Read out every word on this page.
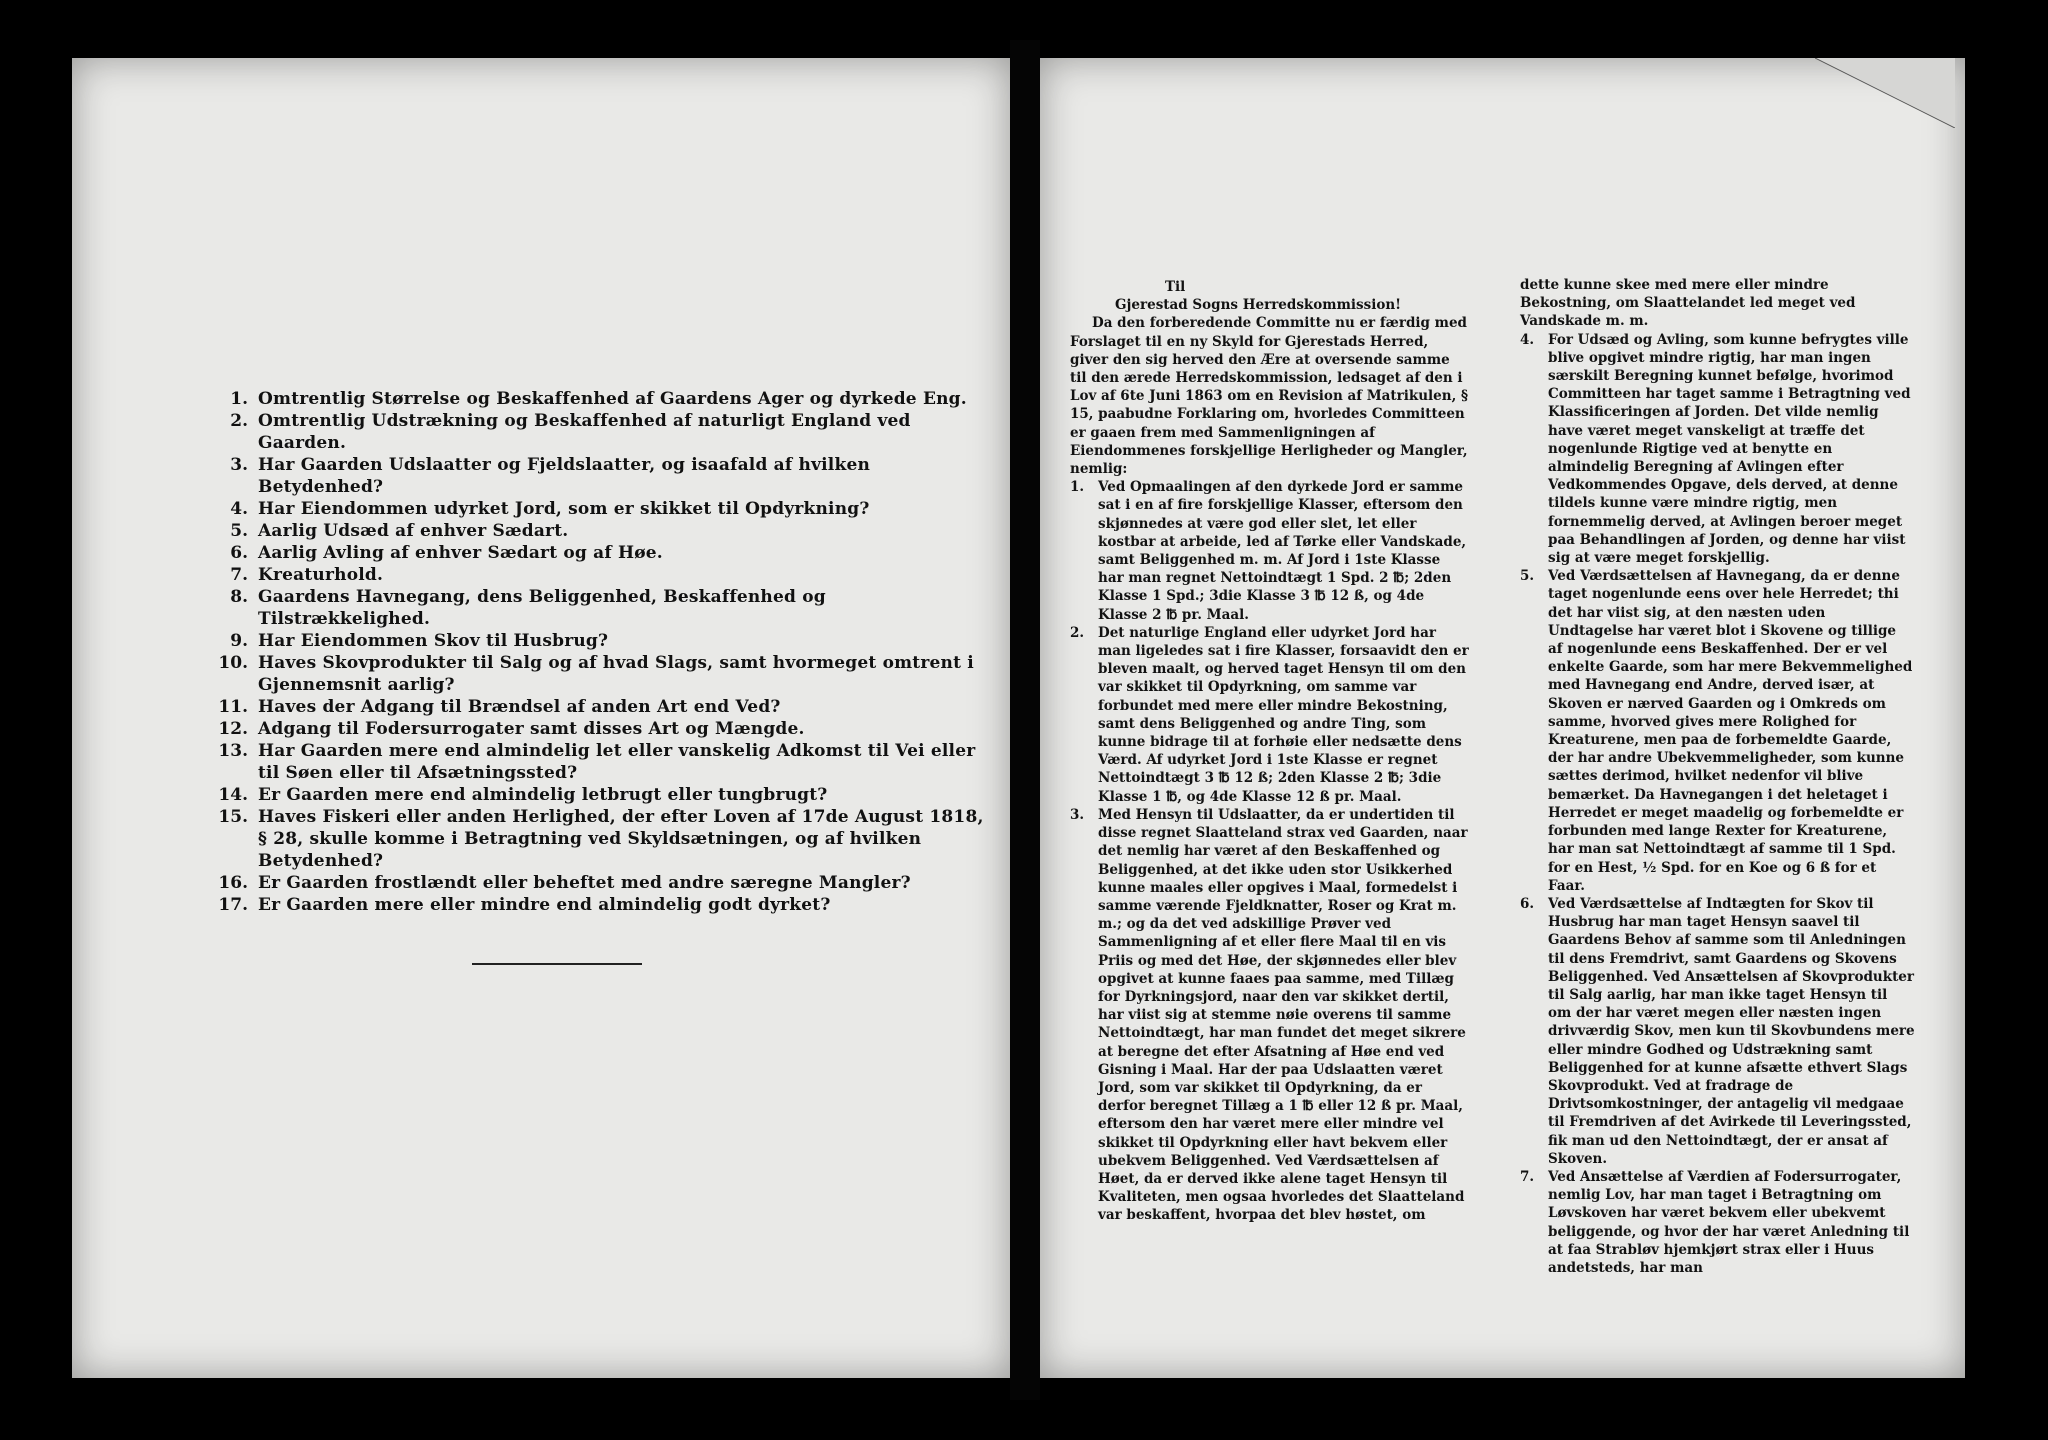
1. Omtrentlig Størrelse og Beskaffenhed af Gaardens Ager og dyrkede Eng.
2. Omtrentlig Udstrækning og Beskaffenhed af naturligt England ved Gaarden.
3. Har Gaarden Udslaatter og Fjeldslaatter, og isaafald af hvilken Betydenhed?
4. Har Eiendommen udyrket Jord, som er skikket til Opdyrkning?
5. Aarlig Udsæd af enhver Sædart.
6. Aarlig Avling af enhver Sædart og af Høe.
7. Kreaturhold.
8. Gaardens Havnegang, dens Beliggenhed, Beskaffenhed og Tilstrækkelighed.
9. Har Eiendommen Skov til Husbrug?
10. Haves Skovprodukter til Salg og af hvad Slags, samt hvormeget omtrent i Gjennemsnit aarlig?
11. Haves der Adgang til Brændsel af anden Art end Ved?
12. Adgang til Fodersurrogater samt disses Art og Mængde.
13. Har Gaarden mere end almindelig let eller vanskelig Adkomst til Vei eller til Søen eller til Afsætningssted?
14. Er Gaarden mere end almindelig letbrugt eller tungbrugt?
15. Haves Fiskeri eller anden Herlighed, der efter Loven af 17de August 1818, § 28, skulle komme i Betragtning ved Skyldsætningen, og af hvilken Betydenhed?
16. Er Gaarden frostlændt eller beheftet med andre særegne Mangler?
17. Er Gaarden mere eller mindre end almindelig godt dyrket?
Til
Gjerestad Sogns Herredskommission!

Da den forberedende Committe nu er færdig med Forslaget til en ny Skyld for Gjerestads Herred, giver den sig herved den Ære at oversende samme til den ærede Herredskommission, ledsaget af den i Lov af 6te Juni 1863 om en Revision af Matrikulen, § 15, paabudne Forklaring om, hvorledes Committeen er gaaen frem med Sammenligningen af Eiendommenes forskjellige Herligheder og Mangler, nemlig:

1.	Ved Opmaalingen af den dyrkede Jord er samme sat i en af fire forskjellige Klasser, eftersom den skjønnedes at være god eller slet, let eller kostbar at arbeide, led af Tørke eller Vandskade, samt Beliggenhed m. m. Af Jord i 1ste Klasse har man regnet Nettoindtægt 1 Spd. 2 ℔; 2den Klasse 1 Spd.; 3die Klasse 3 ℔ 12 ß, og 4de Klasse 2 ℔ pr. Maal.
2.	Det naturlige England eller udyrket Jord har man ligeledes sat i fire Klasser, forsaavidt den er bleven maalt, og herved taget Hensyn til om den var skikket til Opdyrkning, om samme var forbundet med mere eller mindre Bekostning, samt dens Beliggenhed og andre Ting, som kunne bidrage til at forhøie eller nedsætte dens Værd. Af udyrket Jord i 1ste Klasse er regnet Nettoindtægt 3 ℔ 12 ß; 2den Klasse 2 ℔; 3die Klasse 1 ℔, og 4de Klasse 12 ß pr. Maal.
3.	Med Hensyn til Udslaatter, da er undertiden til disse regnet Slaatteland strax ved Gaarden, naar det nemlig har været af den Beskaffenhed og Beliggenhed, at det ikke uden stor Usikkerhed kunne maales eller opgives i Maal, formedelst i samme værende Fjeldknatter, Roser og Krat m. m.; og da det ved adskillige Prøver ved Sammenligning af et eller flere Maal til en vis Priis og med det Høe, der skjønnedes eller blev opgivet at kunne faaes paa samme, med Tillæg for Dyrkningsjord, naar den var skikket dertil, har viist sig at stemme nøie overens til samme Nettoindtægt, har man fundet det meget sikrere at beregne det efter Afsatning af Høe end ved Gisning i Maal. Har der paa Udslaatten været Jord, som var skikket til Opdyrkning, da er derfor beregnet Tillæg a 1 ℔ eller 12 ß pr. Maal, eftersom den har været mere eller mindre vel skikket til Opdyrkning eller havt bekvem eller ubekvem Beliggenhed. Ved Værdsættelsen af Høet, da er derved ikke alene taget Hensyn til Kvaliteten, men ogsaa hvorledes det Slaatteland var beskaffent, hvorpaa det blev høstet, om

dette kunne skee med mere eller mindre Bekostning, om Slaattelandet led meget ved Vandskade m. m.

4.	For Udsæd og Avling, som kunne befrygtes ville blive opgivet mindre rigtig, har man ingen særskilt Beregning kunnet befølge, hvorimod Committeen har taget samme i Betragtning ved Klassificeringen af Jorden. Det vilde nemlig have været meget vanskeligt at træffe det nogenlunde Rigtige ved at benytte en almindelig Beregning af Avlingen efter Vedkommendes Opgave, dels derved, at denne tildels kunne være mindre rigtig, men fornemmelig derved, at Avlingen beroer meget paa Behandlingen af Jorden, og denne har viist sig at være meget forskjellig.
5.	Ved Værdsættelsen af Havnegang, da er denne taget nogenlunde eens over hele Herredet; thi det har viist sig, at den næsten uden Undtagelse har været blot i Skovene og tillige af nogenlunde eens Beskaffenhed. Der er vel enkelte Gaarde, som har mere Bekvemmelighed med Havnegang end Andre, derved især, at Skoven er nærved Gaarden og i Omkreds om samme, hvorved gives mere Rolighed for Kreaturene, men paa de forbemeldte Gaarde, der har andre Ubekvemmeligheder, som kunne sættes derimod, hvilket nedenfor vil blive bemærket. Da Havnegangen i det heletaget i Herredet er meget maadelig og forbemeldte er forbunden med lange Rexter for Kreaturene, har man sat Nettoindtægt af samme til 1 Spd. for en Hest, ½ Spd. for en Koe og 6 ß for et Faar.
6.	Ved Værdsættelse af Indtægten for Skov til Husbrug har man taget Hensyn saavel til Gaardens Behov af samme som til Anledningen til dens Fremdrivt, samt Gaardens og Skovens Beliggenhed. Ved Ansættelsen af Skovprodukter til Salg aarlig, har man ikke taget Hensyn til om der har været megen eller næsten ingen drivværdig Skov, men kun til Skovbundens mere eller mindre Godhed og Udstrækning samt Beliggenhed for at kunne afsætte ethvert Slags Skovprodukt. Ved at fradrage de Drivtsomkostninger, der antagelig vil medgaae til Fremdriven af det Avirkede til Leveringssted, fik man ud den Nettoindtægt, der er ansat af Skoven.
7.	Ved Ansættelse af Værdien af Fodersurrogater, nemlig Lov, har man taget i Betragtning om Løvskoven har været bekvem eller ubekvemt beliggende, og hvor der har været Anledning til at faa Strabløv hjemkjørt strax eller i Huus andetsteds, har man
